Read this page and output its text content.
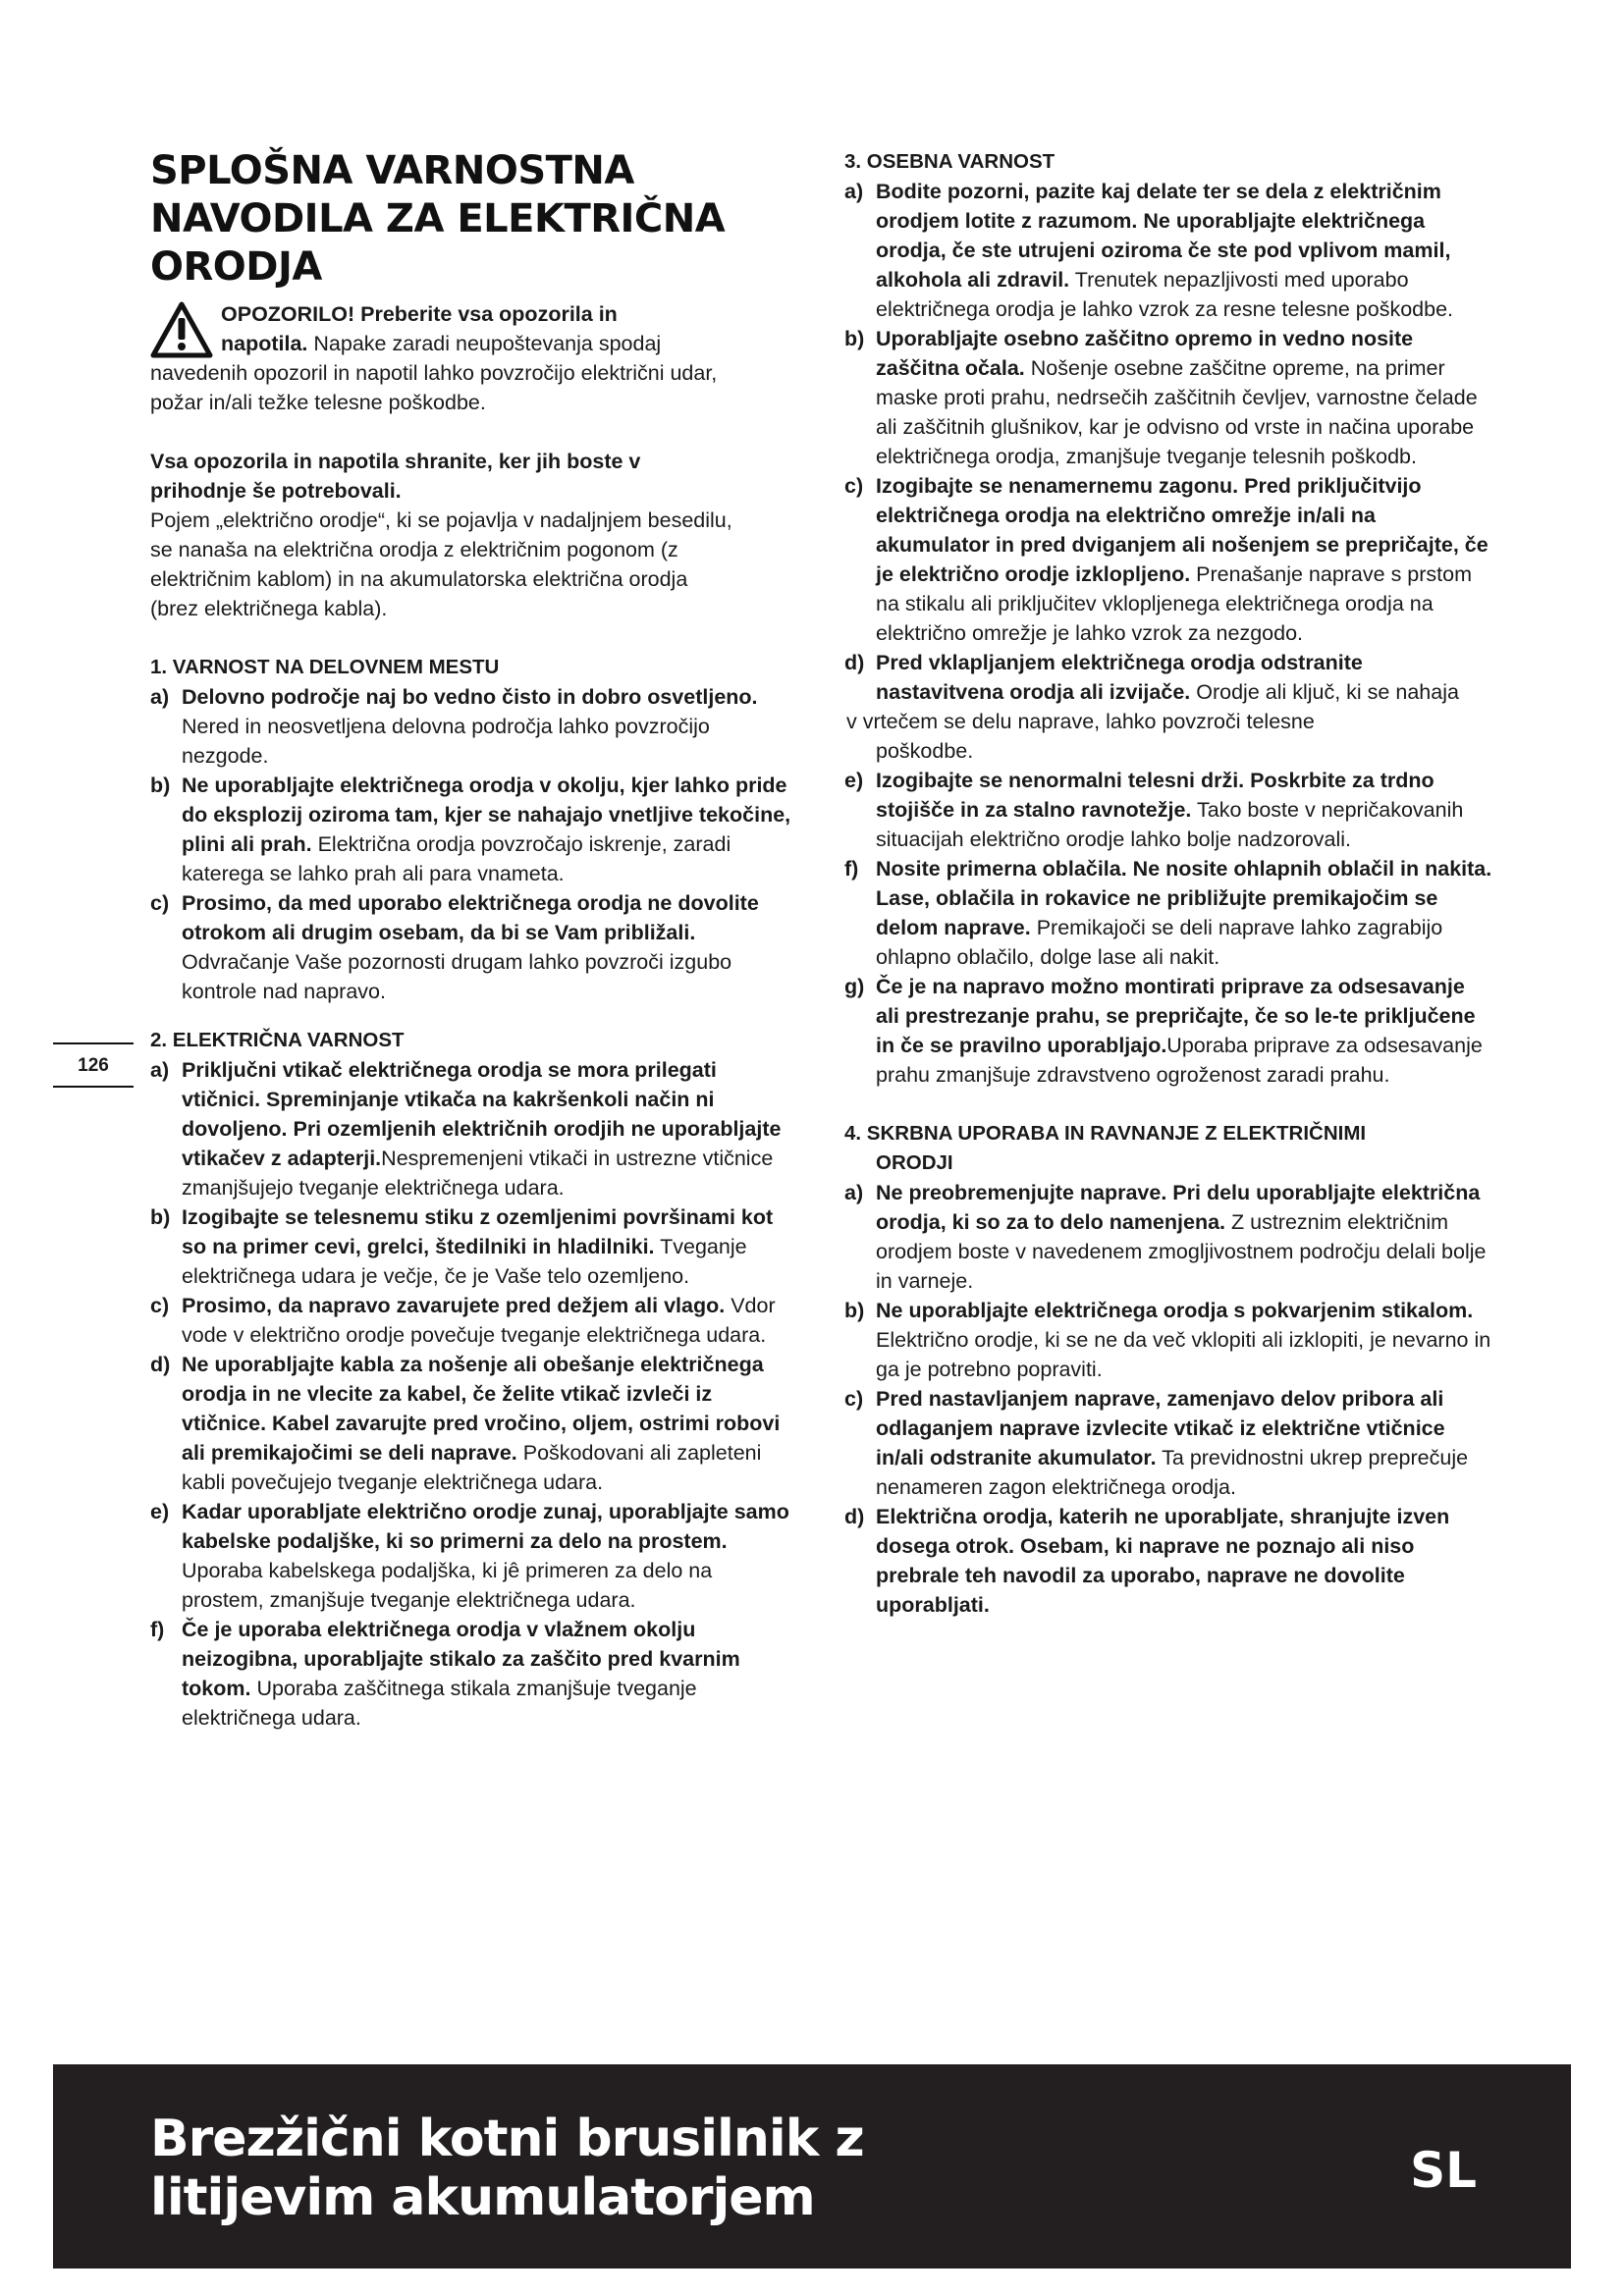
SPLOŠNA VARNOSTNA
NAVODILA ZA ELEKTRIČNA
ORODJA
OPOZORILO! Preberite vsa opozorila in
napotila. Napake zaradi neupoštevanja spodaj
navedenih opozoril in napotil lahko povzročijo električni udar, požar in/ali težke telesne poškodbe.

Vsa opozorila in napotila shranite, ker jih boste v prihodnje še potrebovali.

Pojem „električno orodje“, ki se pojavlja v nadaljnjem besedilu, se nanaša na električna orodja z električnim pogonom (z električnim kablom) in na akumulatorska električna orodja (brez električnega kabla).

1. VARNOST NA DELOVNEM MESTU

a) Delovno področje naj bo vedno čisto in dobro osvetljeno. Nered in neosvetljena delovna področja lahko povzročijo nezgode.
b) Ne uporabljajte električnega orodja v okolju, kjer lahko pride do eksplozij oziroma tam, kjer se nahajajo vnetljive tekočine, plini ali prah. Električna orodja povzročajo iskrenje, zaradi katerega se lahko prah ali para vnameta.
c) Prosimo, da med uporabo električnega orodja ne dovolite otrokom ali drugim osebam, da bi se Vam približali. Odvračanje Vaše pozornosti drugam lahko povzroči izgubo kontrole nad napravo.

2. ELEKTRIČNA VARNOST

a) Priključni vtikač električnega orodja se mora prilegati vtičnici. Spreminjanje vtikača na kakršenkoli način ni dovoljeno. Pri ozemljenih električnih orodjih ne uporabljajte vtikačev z adapterji.Nespremenjeni vtikači in ustrezne vtičnice zmanjšujejo tveganje električnega udara.
b) Izogibajte se telesnemu stiku z ozemljenimi površinami kot so na primer cevi, grelci, štedilniki in hladilniki. Tveganje električnega udara je večje, če je Vaše telo ozemljeno.
c) Prosimo, da napravo zavarujete pred dežjem ali vlago. Vdor vode v električno orodje povečuje tveganje električnega udara.
d) Ne uporabljajte kabla za nošenje ali obešanje električnega orodja in ne vlecite za kabel, če želite vtikač izvleči iz vtičnice. Kabel zavarujte pred vročino, oljem, ostrimi robovi ali premikajočimi se deli naprave. Poškodovani ali zapleteni kabli povečujejo tveganje električnega udara.
e) Kadar uporabljate električno orodje zunaj, uporabljajte samo kabelske podaljške, ki so primerni za delo na prostem. Uporaba kabelskega podaljška, ki jê primeren za delo na prostem, zmanjšuje tveganje električnega udara.
f) Če je uporaba električnega orodja v vlažnem okolju neizogibna, uporabljajte stikalo za zaščito pred kvarnim tokom. Uporaba zaščitnega stikala zmanjšuje tveganje električnega udara.

3. OSEBNA VARNOST

a) Bodite pozorni, pazite kaj delate ter se dela z električnim orodjem lotite z razumom. Ne uporabljajte električnega orodja, če ste utrujeni oziroma če ste pod vplivom mamil, alkohola ali zdravil. Trenutek nepazljivosti med uporabo električnega orodja je lahko vzrok za resne telesne poškodbe.
b) Uporabljajte osebno zaščitno opremo in vedno nosite zaščitna očala. Nošenje osebne zaščitne opreme, na primer maske proti prahu, nedrsečih zaščitnih čevljev, varnostne čelade ali zaščitnih glušnikov, kar je odvisno od vrste in načina uporabe električnega orodja, zmanjšuje tveganje telesnih poškodb.
c) Izogibajte se nenamernemu zagonu. Pred priključitvijo električnega orodja na električno omrežje in/ali na akumulator in pred dviganjem ali nošenjem se prepričajte, če je električno orodje izklopljeno. Prenašanje naprave s prstom na stikalu ali priključitev vklopljenega električnega orodja na električno omrežje je lahko vzrok za nezgodo.
d) Pred vklapljanjem električnega orodja odstranite nastavitvena orodja ali izvijače. Orodje ali ključ, ki se nahaja

v vrtečem se delu naprave, lahko povzroči telesne

poškodbe.

e) Izogibajte se nenormalni telesni drži. Poskrbite za trdno stojišče in za stalno ravnotežje. Tako boste v nepričakovanih situacijah električno orodje lahko bolje nadzorovali.
f) Nosite primerna oblačila. Ne nosite ohlapnih oblačil in nakita. Lase, oblačila in rokavice ne približujte premikajočim se delom naprave. Premikajoči se deli naprave lahko zagrabijo ohlapno oblačilo, dolge lase ali nakit.
g) Če je na napravo možno montirati priprave za odsesavanje ali prestrezanje prahu, se prepričajte, če so le-te priključene in če se pravilno uporabljajo.Uporaba priprave za odsesavanje prahu zmanjšuje zdravstveno ogroženost zaradi prahu.

4. SKRBNA UPORABA IN RAVNANJE Z ELEKTRIČNIMI

ORODJI

a) Ne preobremenjujte naprave. Pri delu uporabljajte električna orodja, ki so za to delo namenjena. Z ustreznim električnim orodjem boste v navedenem zmogljivostnem področju delali bolje in varneje.
b) Ne uporabljajte električnega orodja s pokvarjenim stikalom. Električno orodje, ki se ne da več vklopiti ali izklopiti, je nevarno in ga je potrebno popraviti.
c) Pred nastavljanjem naprave, zamenjavo delov pribora ali odlaganjem naprave izvlecite vtikač iz električne vtičnice in/ali odstranite akumulator. Ta previdnostni ukrep preprečuje nenameren zagon električnega orodja.
d) Električna orodja, katerih ne uporabljate, shranjujte izven dosega otrok. Osebam, ki naprave ne poznajo ali niso prebrale teh navodil za uporabo, naprave ne dovolite uporabljati.
126
Brezžični kotni brusilnik z
litijevim akumulatorjem	SL
